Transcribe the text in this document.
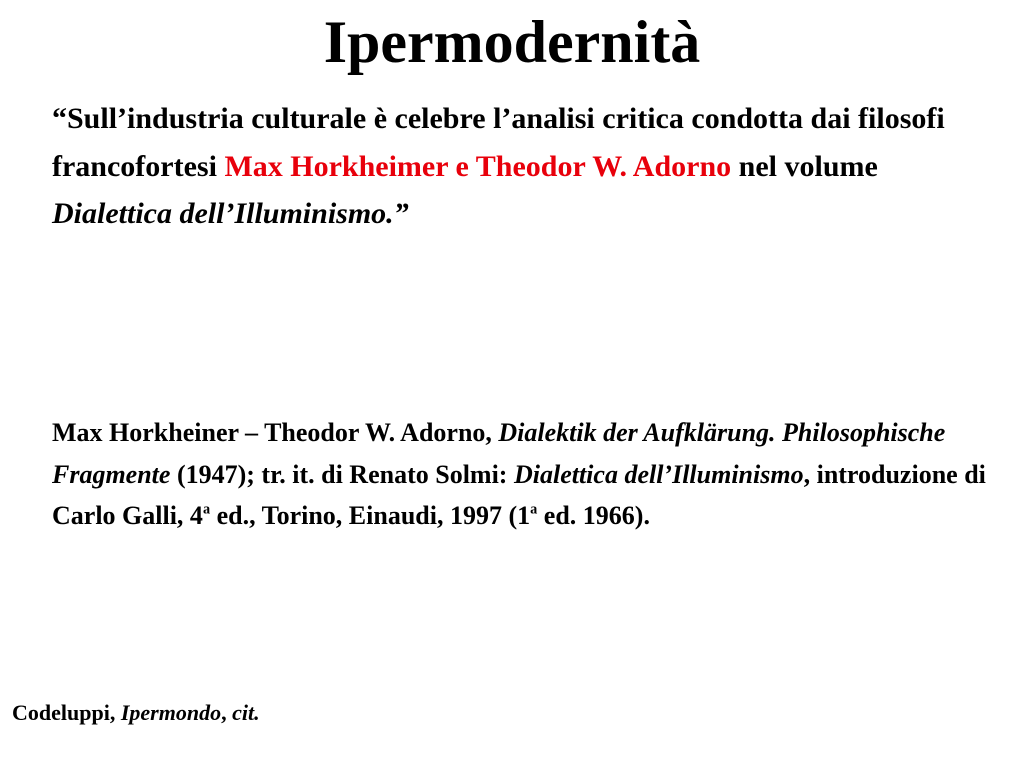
Ipermodernità

“Sull’industria culturale è celebre l’analisi critica condotta dai filosofi francofortesi Max Horkheimer e Theodor W. Adorno nel volume Dialettica dell’Illuminismo.”

Max Horkheiner – Theodor W. Adorno, Dialektik der Aufklärung. Philosophische Fragmente (1947); tr. it. di Renato Solmi: Dialettica dell’Illuminismo, introduzione di Carlo Galli, 4$^a$ ed., Torino, Einaudi, 1997 (1$^a$ ed. 1966).

Codeluppi, Ipermondo, cit.
